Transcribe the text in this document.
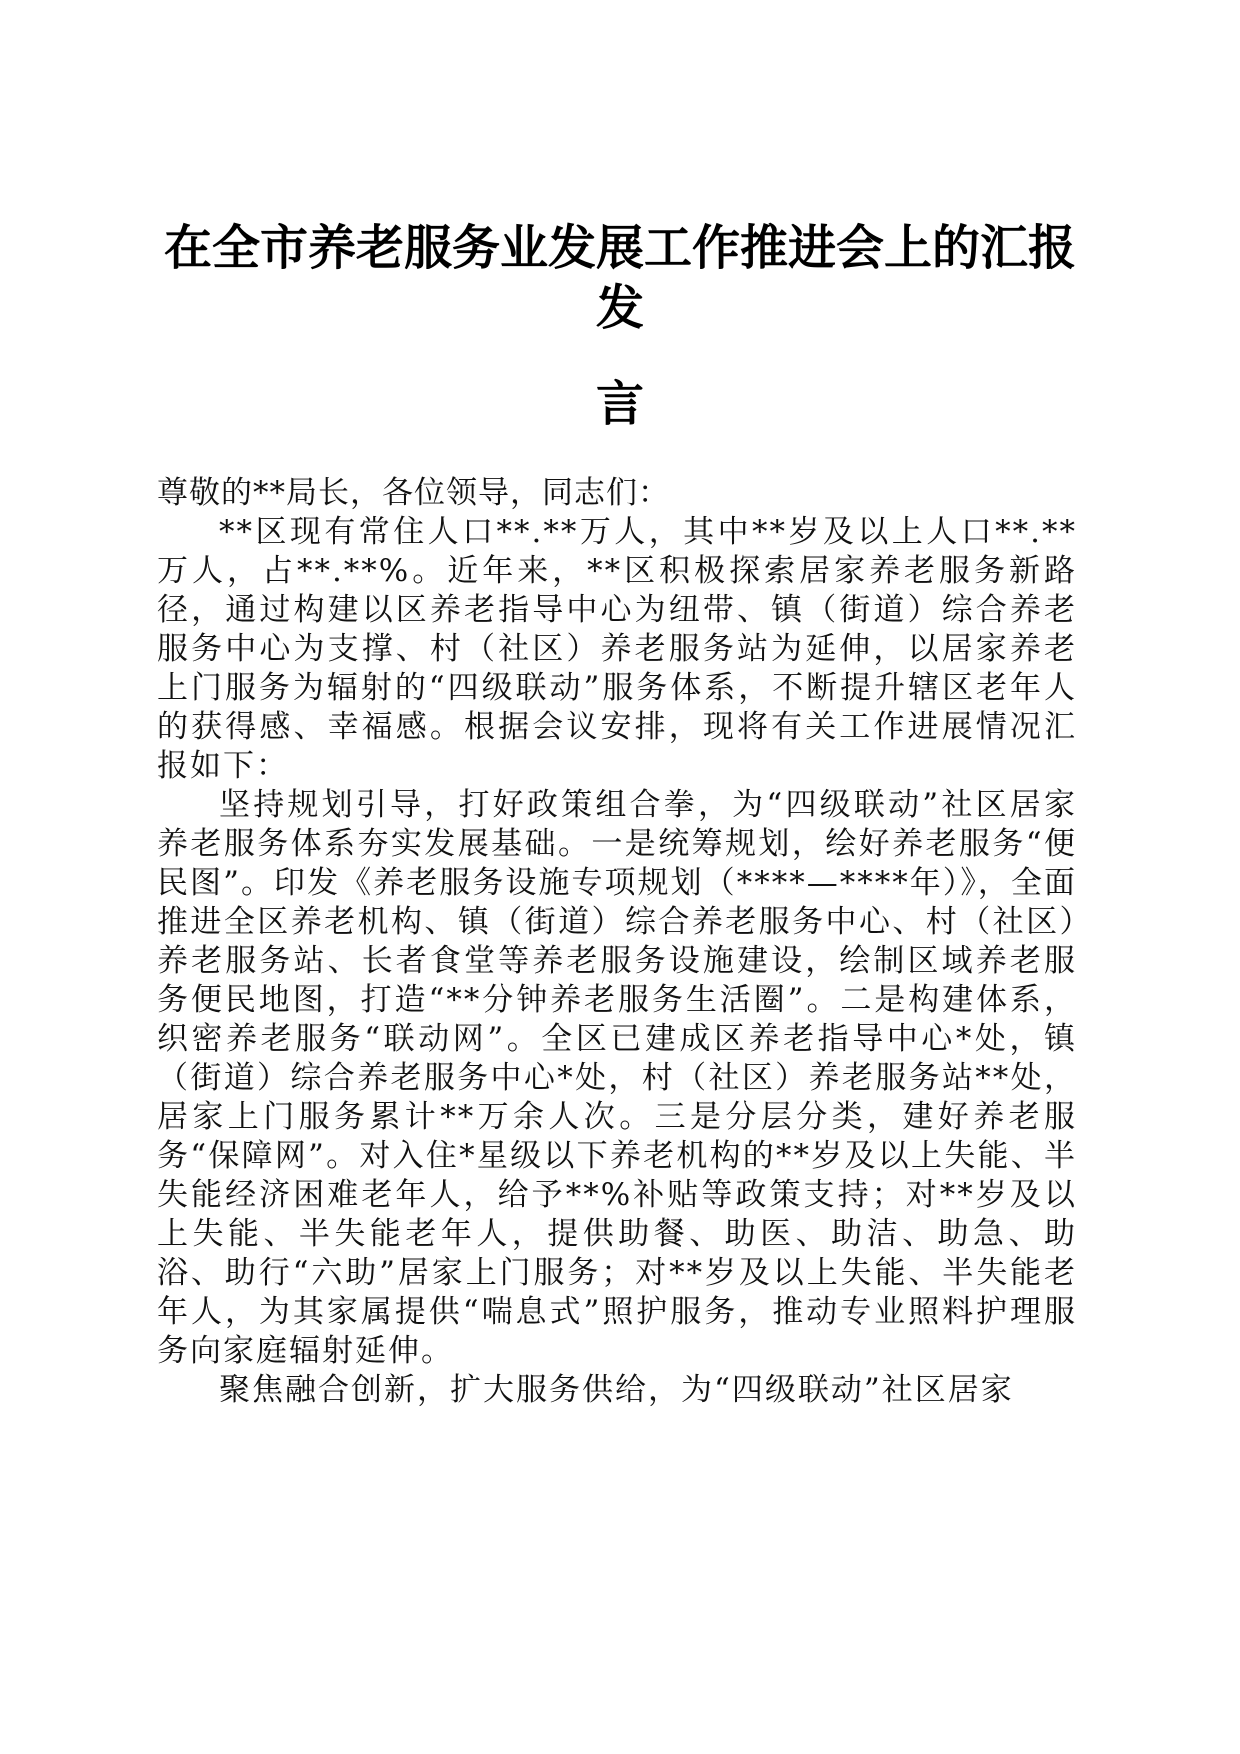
在全市养老服务业发展工作推进会上的汇报发
言

尊敬的**局长，各位领导，同志们：

**区现有常住人口**.**万人，其中**岁及以上人口**.**万人，占**.**%。近年来，**区积极探索居家养老服务新路径，通过构建以区养老指导中心为纽带、镇（街道）综合养老服务中心为支撑、村（社区）养老服务站为延伸，以居家养老上门服务为辐射的“四级联动”服务体系，不断提升辖区老年人的获得感、幸福感。根据会议安排，现将有关工作进展情况汇报如下：

坚持规划引导，打好政策组合拳，为“四级联动”社区居家养老服务体系夯实发展基础。一是统筹规划，绘好养老服务“便民图”。印发《养老服务设施专项规划（****—****年）》，全面推进全区养老机构、镇（街道）综合养老服务中心、村（社区）养老服务站、长者食堂等养老服务设施建设，绘制区域养老服务便民地图，打造“**分钟养老服务生活圈”。二是构建体系，织密养老服务“联动网”。全区已建成区养老指导中心*处，镇（街道）综合养老服务中心*处，村（社区）养老服务站**处，居家上门服务累计**万余人次。三是分层分类，建好养老服务“保障网”。对入住*星级以下养老机构的**岁及以上失能、半失能经济困难老年人，给予**%补贴等政策支持；对**岁及以上失能、半失能老年人，提供助餐、助医、助洁、助急、助浴、助行“六助”居家上门服务；对**岁及以上失能、半失能老年人，为其家属提供“喘息式”照护服务，推动专业照料护理服务向家庭辐射延伸。

聚焦融合创新，扩大服务供给，为“四级联动”社区居家
